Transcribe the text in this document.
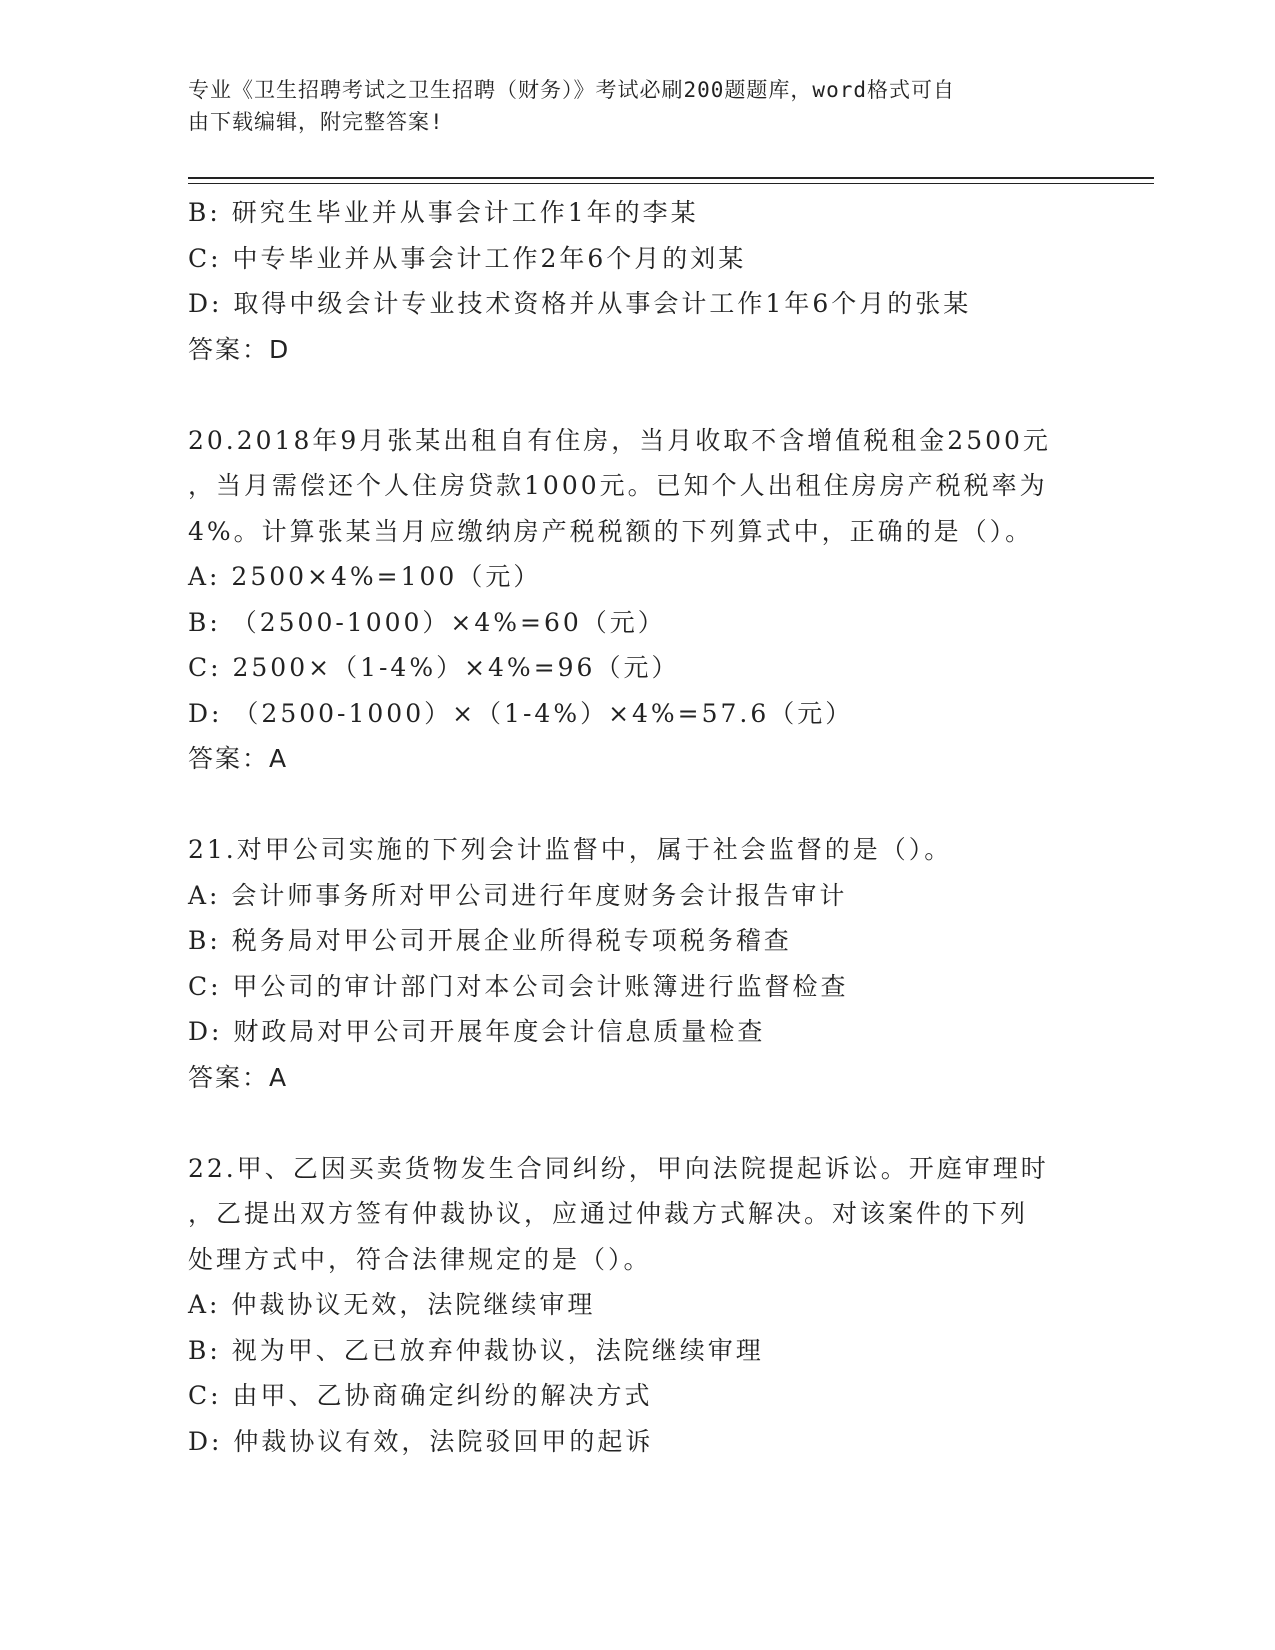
专业《卫生招聘考试之卫生招聘（财务）》考试必刷200题题库，word格式可自
由下载编辑，附完整答案!
B: 研究生毕业并从事会计工作1年的李某
C: 中专毕业并从事会计工作2年6个月的刘某
D: 取得中级会计专业技术资格并从事会计工作1年6个月的张某
答案：D
20.2018年9月张某出租自有住房，当月收取不含增值税租金2500元
，当月需偿还个人住房贷款1000元。已知个人出租住房房产税税率为
4%。计算张某当月应缴纳房产税税额的下列算式中，正确的是（）。
A: 2500×4%=100（元）
B: （2500-1000）×4%=60（元）
C: 2500×（1-4%）×4%=96（元）
D: （2500-1000）×（1-4%）×4%=57.6（元）
答案：A
21.对甲公司实施的下列会计监督中，属于社会监督的是（）。
A: 会计师事务所对甲公司进行年度财务会计报告审计
B: 税务局对甲公司开展企业所得税专项税务稽查
C: 甲公司的审计部门对本公司会计账簿进行监督检查
D: 财政局对甲公司开展年度会计信息质量检查
答案：A
22.甲、乙因买卖货物发生合同纠纷，甲向法院提起诉讼。开庭审理时
，乙提出双方签有仲裁协议，应通过仲裁方式解决。对该案件的下列
处理方式中，符合法律规定的是（）。
A: 仲裁协议无效，法院继续审理
B: 视为甲、乙已放弃仲裁协议，法院继续审理
C: 由甲、乙协商确定纠纷的解决方式
D: 仲裁协议有效，法院驳回甲的起诉
